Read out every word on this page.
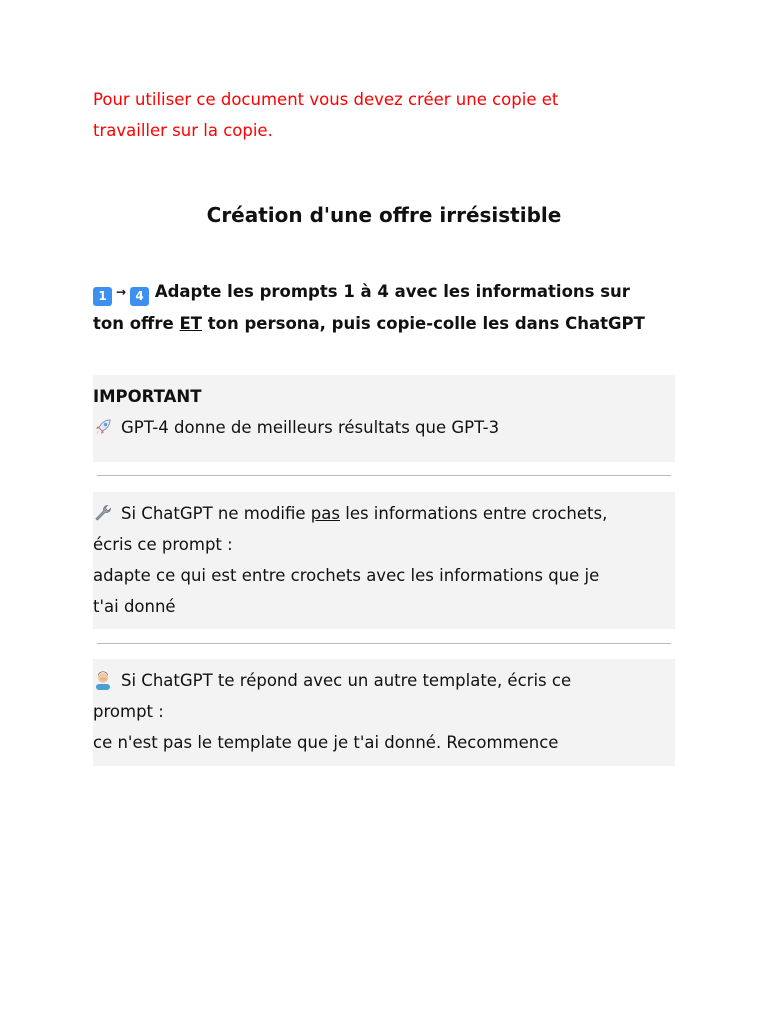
Pour utiliser ce document vous devez créer une copie et
travailler sur la copie.
Création d'une offre irrésistible
1 → 4 Adapte les prompts 1 à 4 avec les informations sur
ton offre ET ton persona, puis copie-colle les dans ChatGPT
IMPORTANT
GPT-4 donne de meilleurs résultats que GPT-3
Si ChatGPT ne modifie pas les informations entre crochets,
écris ce prompt :
adapte ce qui est entre crochets avec les informations que je
t'ai donné
Si ChatGPT te répond avec un autre template, écris ce
prompt :
ce n'est pas le template que je t'ai donné. Recommence
